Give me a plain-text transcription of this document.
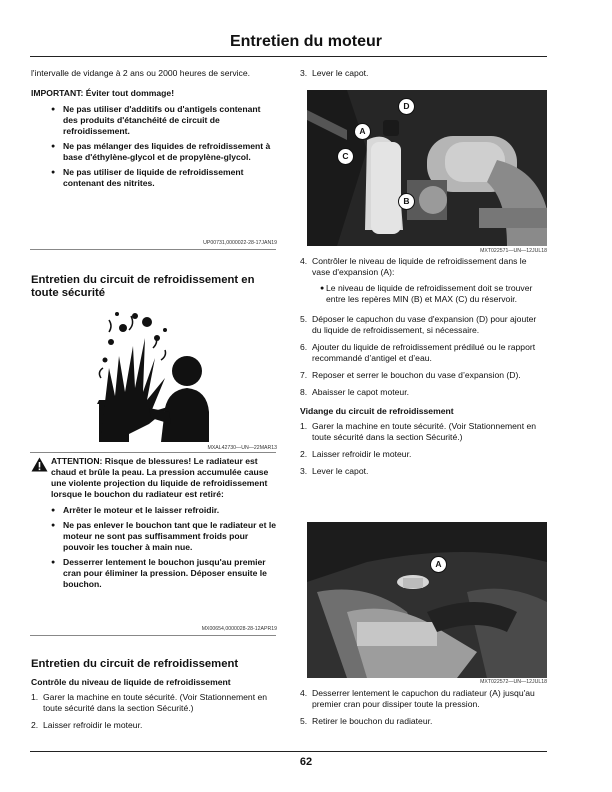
Entretien du moteur

l'intervalle de vidange à 2 ans ou 2000 heures de service.

IMPORTANT: Éviter tout dommage!

● Ne pas utiliser d'additifs ou d'antigels contenant des produits d'étanchéité de circuit de refroidissement.

● Ne pas mélanger des liquides de refroidissement à base d'éthylène-glycol et de propylène-glycol.

● Ne pas utiliser de liquide de refroidissement contenant des nitrites.

UP00731,0000022-28-17JAN19
Entretien du circuit de refroidissement en toute sécurité
MXAL42730—UN—22MAR13

ATTENTION: Risque de blessures! Le radiateur est chaud et brûle la peau. La pression accumulée cause une violente projection du liquide de refroidissement lorsque le bouchon du radiateur est retiré:

● Arrêter le moteur et le laisser refroidir.

● Ne pas enlever le bouchon tant que le radiateur et le moteur ne sont pas suffisamment froids pour pouvoir les toucher à main nue.

● Desserrer lentement le bouchon jusqu'au premier cran pour éliminer la pression. Déposer ensuite le bouchon.

MX00654,0000028-28-12APR19
Entretien du circuit de refroidissement
Contrôle du niveau de liquide de refroidissement

1. Garer la machine en toute sécurité. (Voir Stationnement en toute sécurité dans la section Sécurité.)

2. Laisser refroidir le moteur.

3. Lever le capot.

D
A
C
B
MXT022571—UN—12JUL18

4. Contrôler le niveau de liquide de refroidissement dans le vase d'expansion (A):

● Le niveau de liquide de refroidissement doit se trouver entre les repères MIN (B) et MAX (C) du réservoir.

5. Déposer le capuchon du vase d'expansion (D) pour ajouter du liquide de refroidissement, si nécessaire.

6. Ajouter du liquide de refroidissement prédilué ou le rapport recommandé d’antigel et d’eau.

7. Reposer et serrer le bouchon du vase d’expansion (D).

8. Abaisser le capot moteur.

Vidange du circuit de refroidissement

1. Garer la machine en toute sécurité. (Voir Stationnement en toute sécurité dans la section Sécurité.)

2. Laisser refroidir le moteur.

3. Lever le capot.

A
MXT022572—UN—12JUL18

4. Desserrer lentement le capuchon du radiateur (A) jusqu'au premier cran pour dissiper toute la pression.

5. Retirer le bouchon du radiateur.

62
